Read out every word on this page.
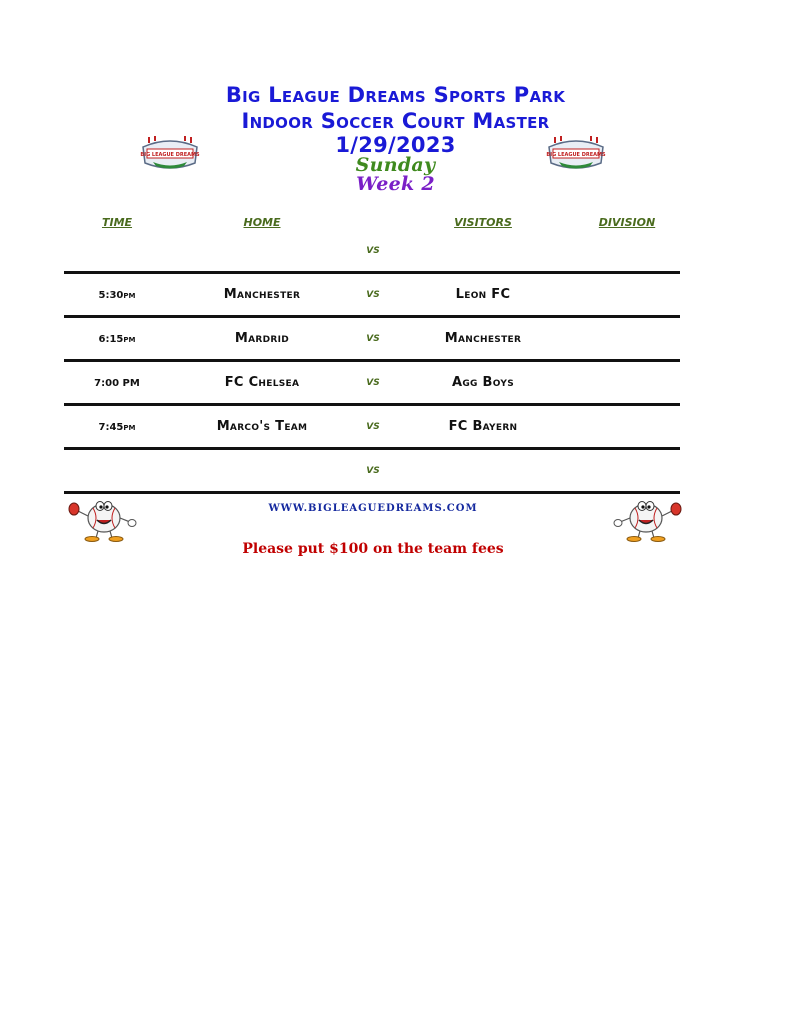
Big League Dreams Sports Park
Indoor Soccer Court Master
1/29/2023
Sunday
Week 2
BIG LEAGUE DREAMS	BIG LEAGUE DREAMS
TIME	HOME	VISITORS	DIVISION
VS
5:30pm	Manchester	VS	Leon FC
6:15pm	Mardrid	VS	Manchester
7:00 PM	FC Chelsea	VS	Agg Boys
7:45pm	Marco's Team	VS	FC Bayern
VS
WWW.BIGLEAGUEDREAMS.COM
Please put $100 on the team fees
